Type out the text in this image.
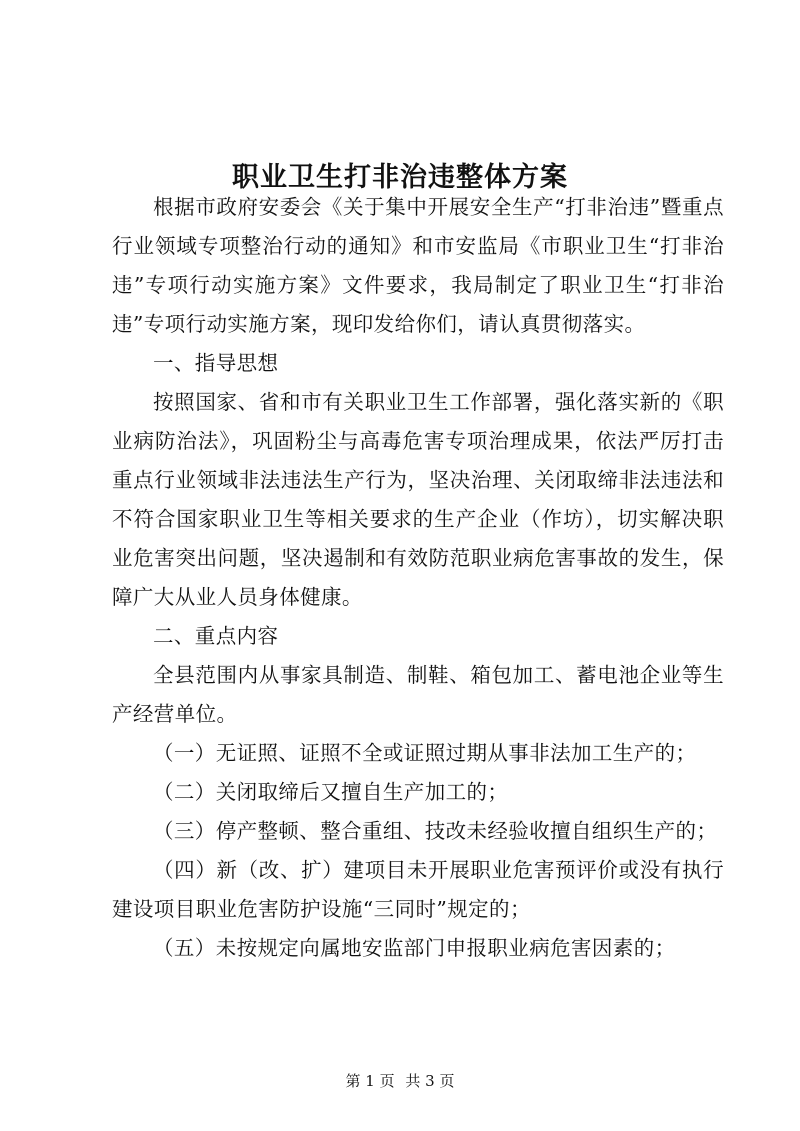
职业卫生打非治违整体方案

根据市政府安委会《关于集中开展安全生产“打非治违”暨重点行业领域专项整治行动的通知》和市安监局《市职业卫生“打非治违”专项行动实施方案》文件要求，我局制定了职业卫生“打非治违”专项行动实施方案，现印发给你们，请认真贯彻落实。

一、指导思想

按照国家、省和市有关职业卫生工作部署，强化落实新的《职业病防治法》，巩固粉尘与高毒危害专项治理成果，依法严厉打击重点行业领域非法违法生产行为，坚决治理、关闭取缔非法违法和不符合国家职业卫生等相关要求的生产企业（作坊），切实解决职业危害突出问题，坚决遏制和有效防范职业病危害事故的发生，保障广大从业人员身体健康。

二、重点内容

全县范围内从事家具制造、制鞋、箱包加工、蓄电池企业等生产经营单位。

（一）无证照、证照不全或证照过期从事非法加工生产的；

（二）关闭取缔后又擅自生产加工的；

（三）停产整顿、整合重组、技改未经验收擅自组织生产的；

（四）新（改、扩）建项目未开展职业危害预评价或没有执行建设项目职业危害防护设施“三同时”规定的；

（五）未按规定向属地安监部门申报职业病危害因素的；

第 1 页 共 3 页
